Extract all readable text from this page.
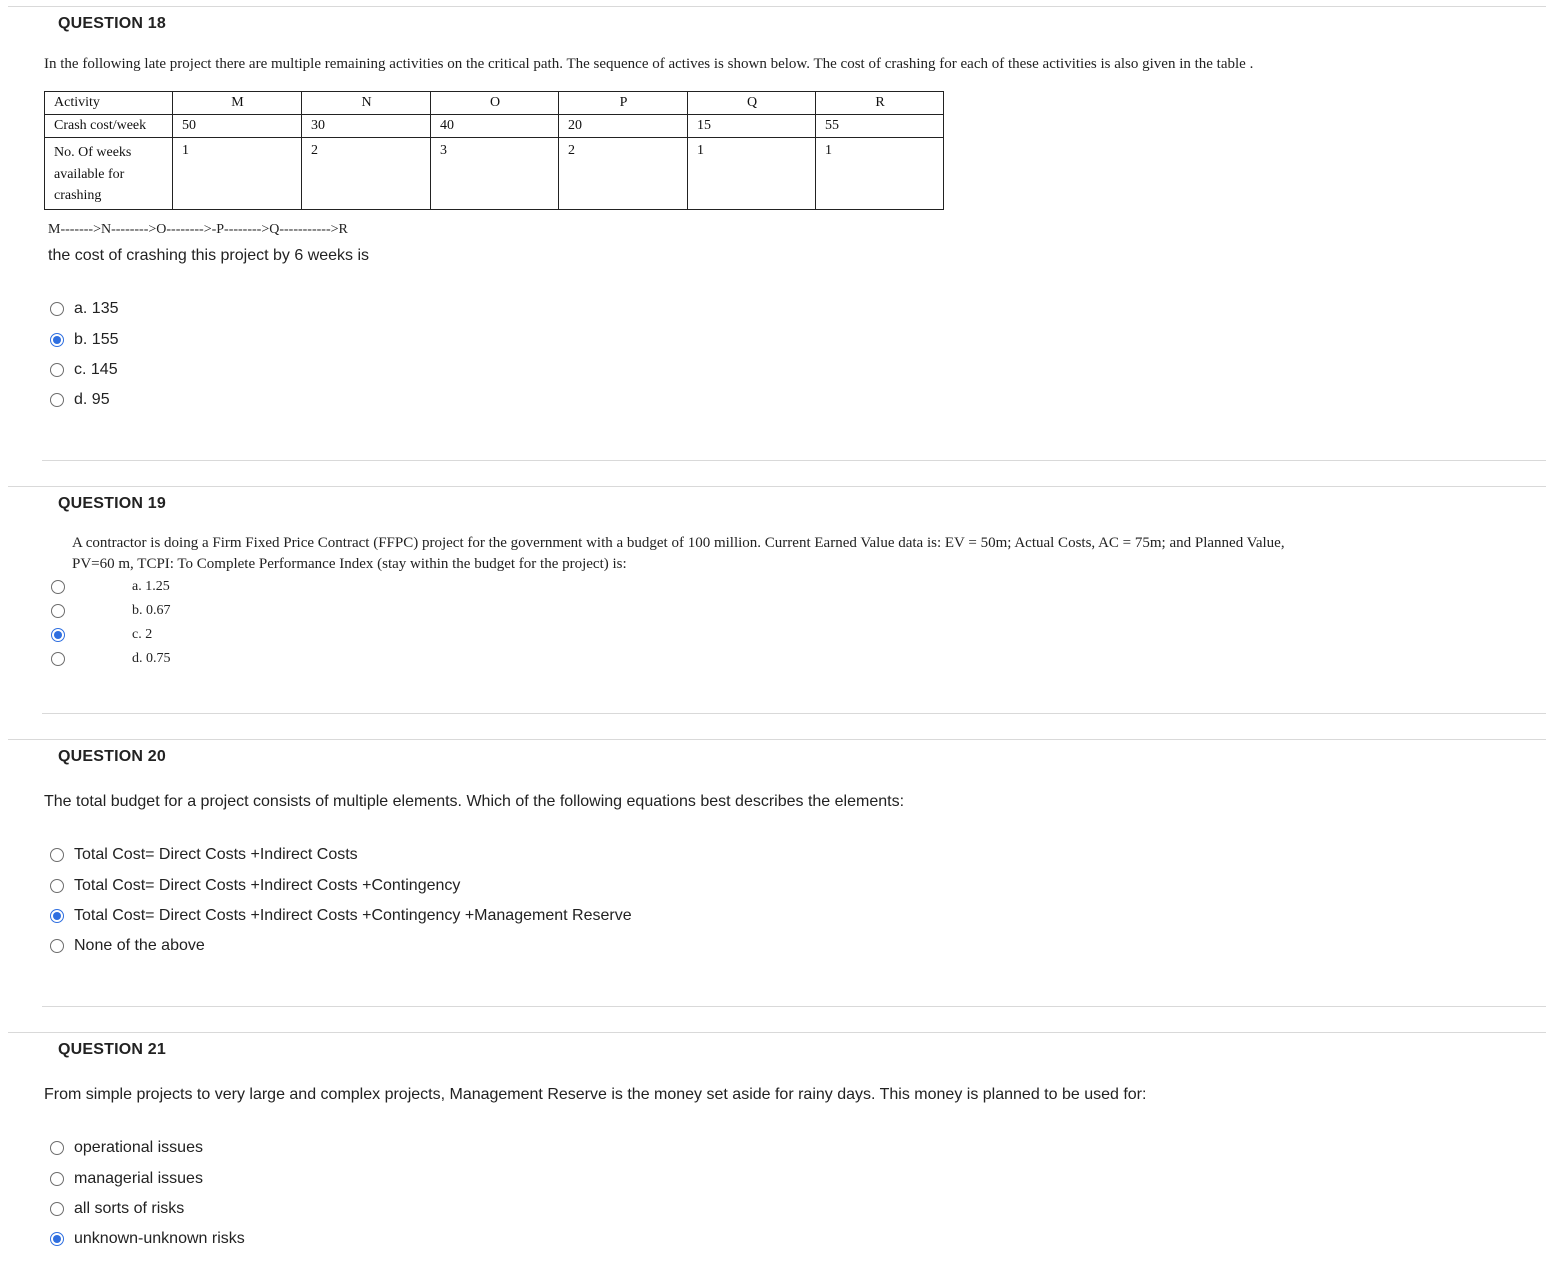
QUESTION 18
In the following late project there are multiple remaining activities on the critical path. The sequence of actives is shown below. The cost of crashing for each of these activities is also given in the table .
Activity	M	N	O	P	Q	R
Crash cost/week	50	30	40	20	15	55
No. Of weeks
available for
crashing	1	2	3	2	1	1
M------->N-------->O-------->-P-------->Q----------->R
the cost of crashing this project by 6 weeks is
a. 135
b. 155
c. 145
d. 95
QUESTION 19
A contractor is doing a Firm Fixed Price Contract (FFPC) project for the government with a budget of 100 million. Current Earned Value data is: EV = 50m; Actual Costs, AC = 75m; and Planned Value,
PV=60 m, TCPI: To Complete Performance Index (stay within the budget for the project) is:
a. 1.25
b. 0.67
c. 2
d. 0.75
QUESTION 20
The total budget for a project consists of multiple elements. Which of the following equations best describes the elements:
Total Cost= Direct Costs +Indirect Costs
Total Cost= Direct Costs +Indirect Costs +Contingency
Total Cost= Direct Costs +Indirect Costs +Contingency +Management Reserve
None of the above
QUESTION 21
From simple projects to very large and complex projects, Management Reserve is the money set aside for rainy days. This money is planned to be used for:
operational issues
managerial issues
all sorts of risks
unknown-unknown risks
